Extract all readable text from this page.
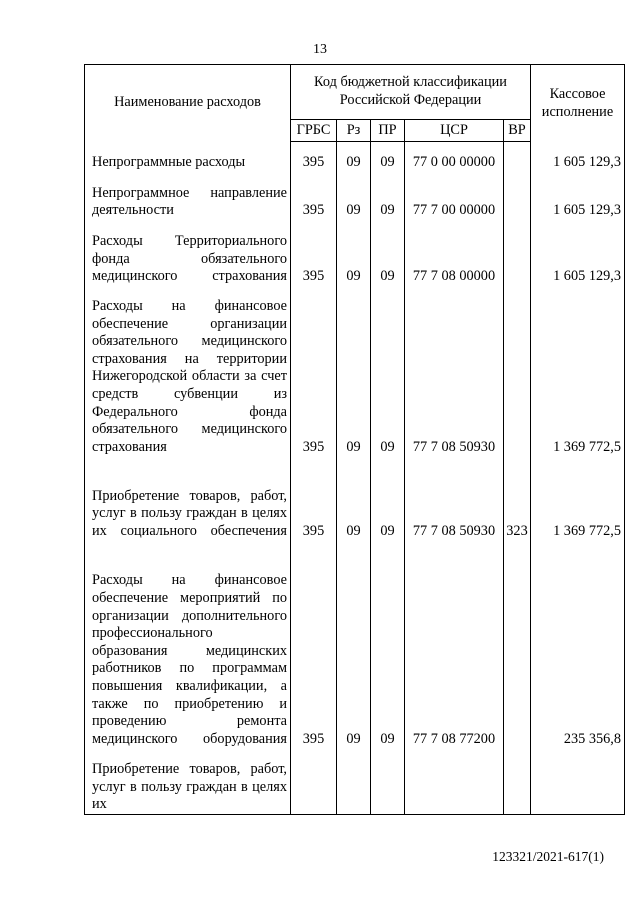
13
Наименование расходов	Код бюджетной классификации Российской Федерации					Кассовое исполнение
	ГРБС	Рз	ПР	ЦСР	ВР	

Непрограммные расходы	395	09	09	77 0 00 00000		1 605 129,3

Непрограммное направление деятельности	395	09	09	77 7 00 00000		1 605 129,3

Расходы Территориального фонда обязательного медицинского страхования	395	09	09	77 7 08 00000		1 605 129,3

Расходы на финансовое обеспечение организации обязательного медицинского страхования на территории Нижегородской области за счет средств субвенции из Федерального фонда обязательного медицинского страхования	395	09	09	77 7 08 50930		1 369 772,5

Приобретение товаров, работ, услуг в пользу граждан в целях их социального обеспечения	395	09	09	77 7 08 50930	323	1 369 772,5

Расходы на финансовое обеспечение мероприятий по организации дополнительного профессионального образования медицинских работников по программам повышения квалификации, а также по приобретению и проведению ремонта медицинского оборудования	395	09	09	77 7 08 77200		235 356,8

Приобретение товаров, работ, услуг в пользу граждан в целях их						
123321/2021-617(1)
